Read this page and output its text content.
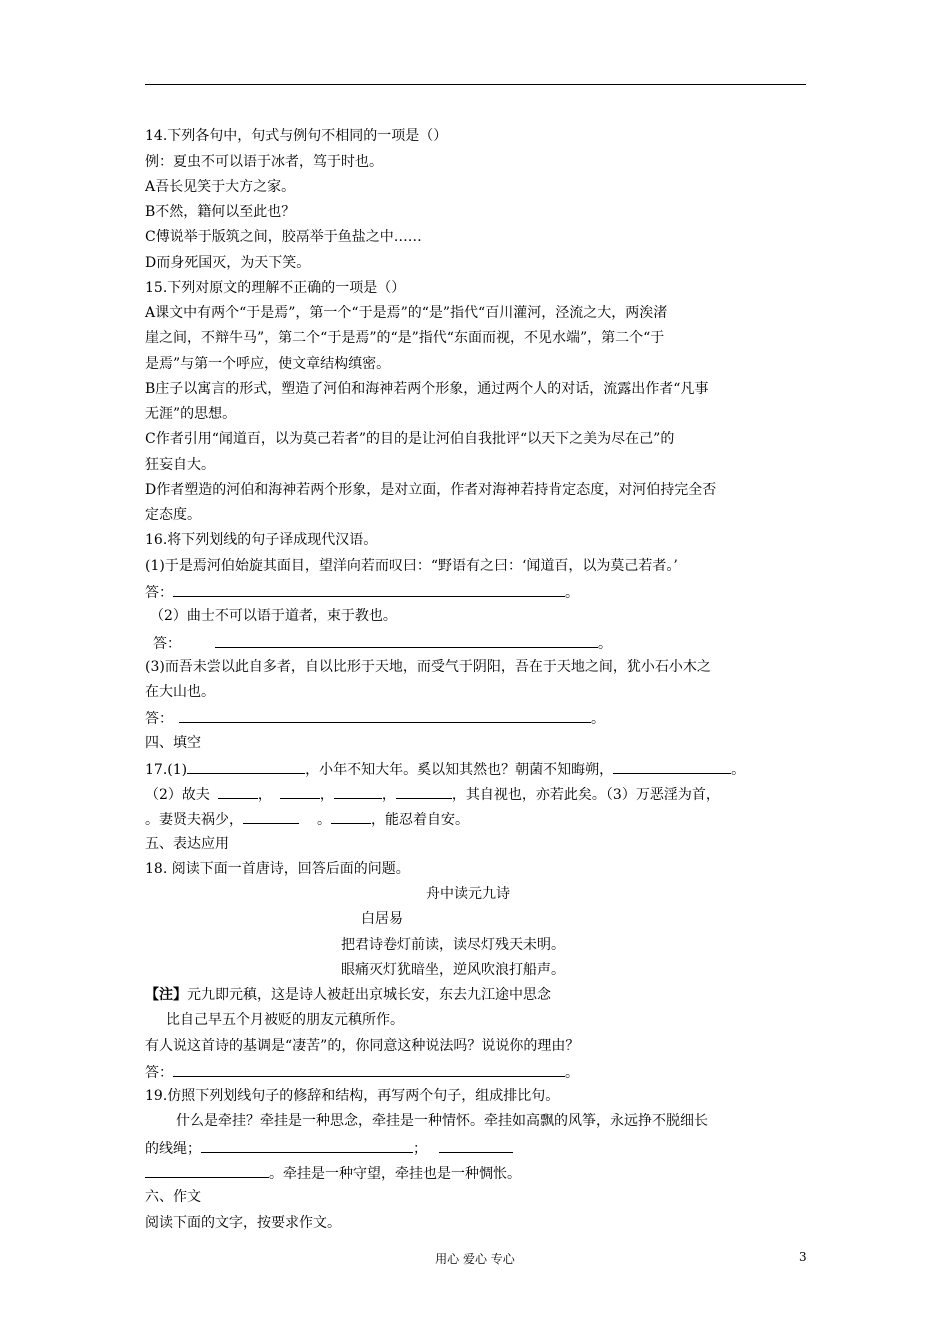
14.下列各句中，句式与例句不相同的一项是（）
例：夏虫不可以语于冰者，笃于时也。
A吾长见笑于大方之家。
B不然，籍何以至此也？
C傅说举于版筑之间，胶鬲举于鱼盐之中……
D而身死国灭，为天下笑。
15.下列对原文的理解不正确的一项是（）
A课文中有两个“于是焉”，第一个“于是焉”的“是”指代“百川灌河，泾流之大，两涘渚
崖之间，不辩牛马”，第二个“于是焉”的“是”指代“东面而视，不见水端”，第二个“于
是焉”与第一个呼应，使文章结构缜密。
B庄子以寓言的形式，塑造了河伯和海神若两个形象，通过两个人的对话，流露出作者“凡事
无涯”的思想。
C作者引用“闻道百，以为莫己若者”的目的是让河伯自我批评“以天下之美为尽在己”的
狂妄自大。
D作者塑造的河伯和海神若两个形象，是对立面，作者对海神若持肯定态度，对河伯持完全否
定态度。
16.将下列划线的句子译成现代汉语。
(1)于是焉河伯始旋其面目，望洋向若而叹曰：“野语有之曰：‘闻道百，以为莫己若者。’
答：	。
（2）曲士不可以语于道者，束于教也。
答：	。
(3)而吾未尝以此自多者，自以比形于天地，而受气于阴阳，吾在于天地之间，犹小石小木之
在大山也。
答：	。
四、填空
17.(1)	，小年不知大年。奚以知其然也？朝菌不知晦朔，	。
（2）故夫	，	，	，	，其自视也，亦若此矣。（3）万恶淫为首，
。妻贤夫祸少，	。	，能忍着自安。
五、表达应用
18. 阅读下面一首唐诗，回答后面的问题。
舟中读元九诗
白居易
把君诗卷灯前读，读尽灯残天未明。
眼痛灭灯犹暗坐，逆风吹浪打船声。
【注】元九即元稹，这是诗人被赶出京城长安，东去九江途中思念
比自己早五个月被贬的朋友元稹所作。
有人说这首诗的基调是“凄苦”的，你同意这种说法吗？说说你的理由？
答：	。
19.仿照下列划线句子的修辞和结构，再写两个句子，组成排比句。
什么是牵挂？牵挂是一种思念，牵挂是一种情怀。牵挂如高飘的风筝，永远挣不脱细长
的线绳；	；
。牵挂是一种守望，牵挂也是一种惆怅。
六、作文
阅读下面的文字，按要求作文。
用心 爱心 专心	3
